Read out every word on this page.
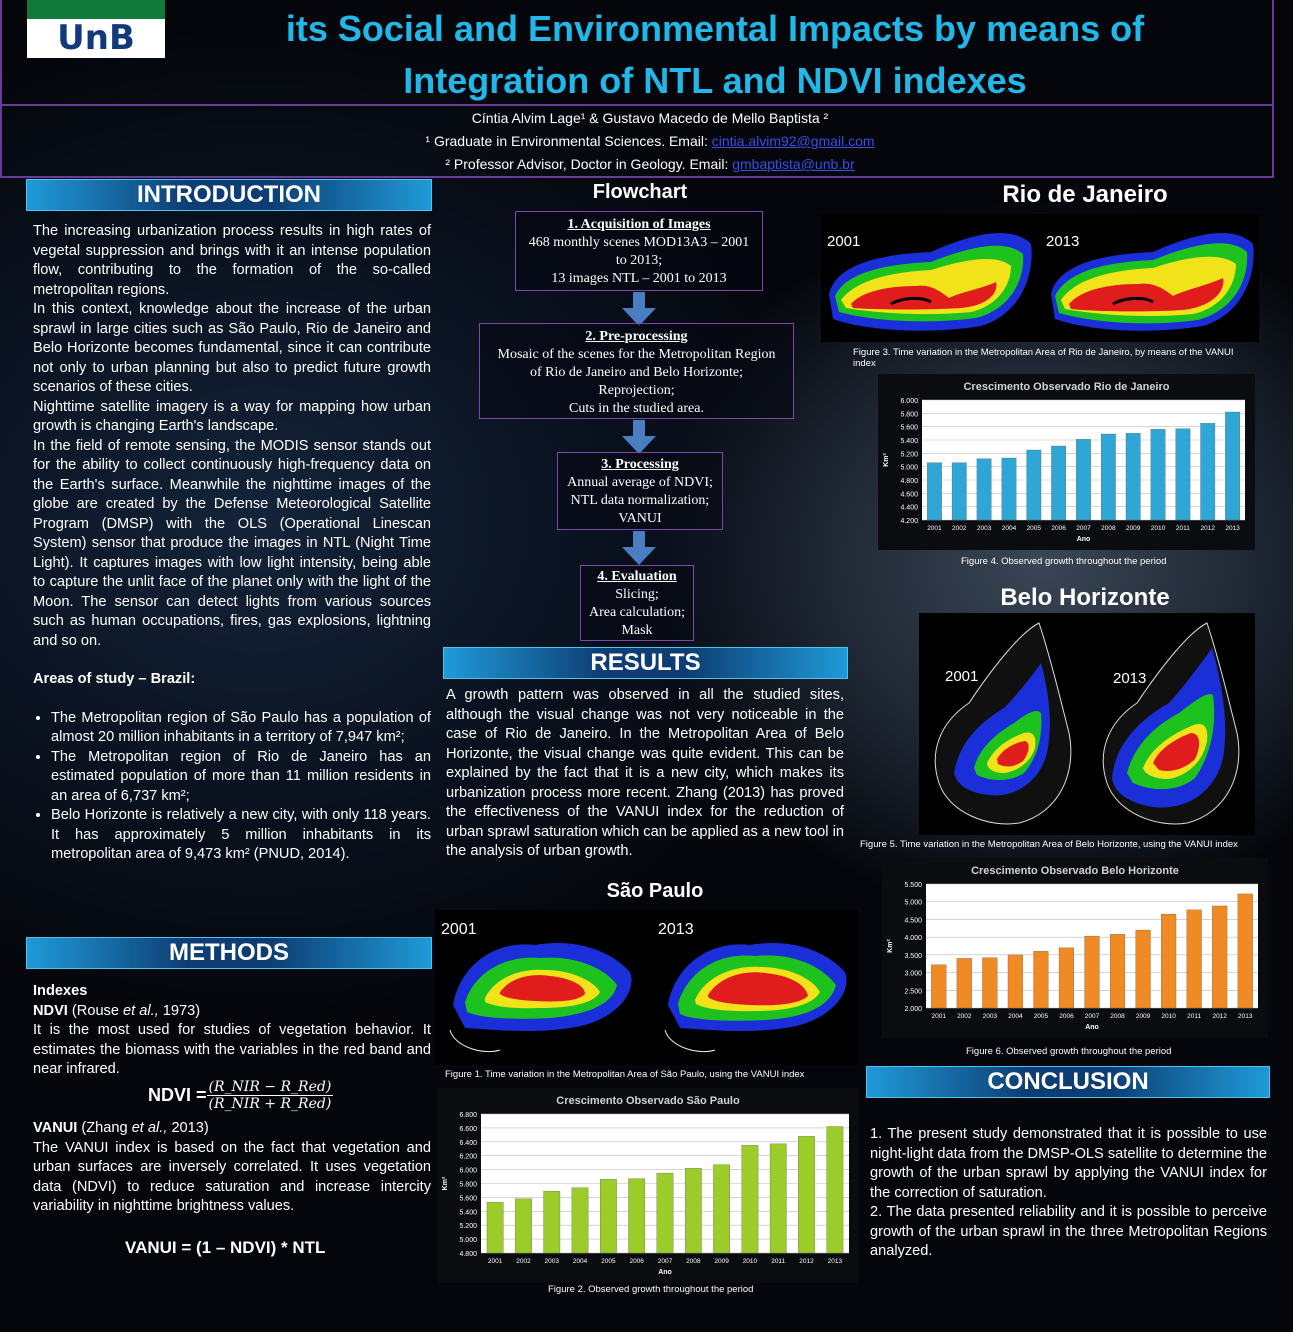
UnB	its Social and Environmental Impacts by means of
Integration of NTL and NDVI indexes
Cíntia Alvim Lage¹ & Gustavo Macedo de Mello Baptista ²
¹ Graduate in Environmental Sciences. Email: cintia.alvim92@gmail.com
² Professor Advisor, Doctor in Geology. Email: gmbaptista@unb.br
INTRODUCTION
The increasing urbanization process results in high rates of vegetal suppression and brings with it an intense population flow, contributing to the formation of the so-called metropolitan regions.
In this context, knowledge about the increase of the urban sprawl in large cities such as São Paulo, Rio de Janeiro and Belo Horizonte becomes fundamental, since it can contribute not only to urban planning but also to predict future growth scenarios of these cities.
Nighttime satellite imagery is a way for mapping how urban growth is changing Earth's landscape.
In the field of remote sensing, the MODIS sensor stands out for the ability to collect continuously high-frequency data on the Earth's surface. Meanwhile the nighttime images of the globe are created by the Defense Meteorological Satellite Program (DMSP) with the OLS (Operational Linescan System) sensor that produce the images in NTL (Night Time Light). It captures images with low light intensity, being able to capture the unlit face of the planet only with the light of the Moon. The sensor can detect lights from various sources such as human occupations, fires, gas explosions, lightning and so on.
Areas of study – Brazil:
• The Metropolitan region of São Paulo has a population of almost 20 million inhabitants in a territory of 7,947 km²;
• The Metropolitan region of Rio de Janeiro has an estimated population of more than 11 million residents in an area of 6,737 km²;
• Belo Horizonte is relatively a new city, with only 118 years. It has approximately 5 million inhabitants in its metropolitan area of 9,473 km² (PNUD, 2014).
METHODS
Indexes
NDVI (Rouse et al., 1973)
It is the most used for studies of vegetation behavior. It estimates the biomass with the variables in the red band and near infrared.
NDVI = (R_NIR − R_Red)
(R_NIR + R_Red)
VANUI (Zhang et al., 2013)
The VANUI index is based on the fact that vegetation and urban surfaces are inversely correlated. It uses vegetation data (NDVI) to reduce saturation and increase intercity variability in nighttime brightness values.
VANUI = (1 – NDVI) * NTL
Flowchart
1. Acquisition of Images
468 monthly scenes MOD13A3 – 2001
to 2013;
13 images NTL – 2001 to 2013
2. Pre-processing
Mosaic of the scenes for the Metropolitan Region
of Rio de Janeiro and Belo Horizonte;
Reprojection;
Cuts in the studied area.
3. Processing
Annual average of NDVI;
NTL data normalization;
VANUI
4. Evaluation
Slicing;
Area calculation;
Mask
RESULTS
A growth pattern was observed in all the studied sites, although the visual change was not very noticeable in the case of Rio de Janeiro. In the Metropolitan Area of Belo Horizonte, the visual change was quite evident. This can be explained by the fact that it is a new city, which makes its urbanization process more recent. Zhang (2013) has proved the effectiveness of the VANUI index for the reduction of urban sprawl saturation which can be applied as a new tool in the analysis of urban growth.
São Paulo
2001	2013
Figure 1. Time variation in the Metropolitan Area of São Paulo, using the VANUI index
Crescimento Observado São Paulo
4.800
5.000
5.200
5.400
5.600
5.800
6.000
6.200
6.400
6.600
6.800
2001 2002 2003 2004 2005 2006 2007 2008 2009 2010 2011 2012 2013
Ano
Km²
Figure 2. Observed growth throughout the period
Rio de Janeiro
2001	2013
Figure 3. Time variation in the Metropolitan Area of Rio de Janeiro, by means of the VANUI index
Crescimento Observado Rio de Janeiro
4.200
4.400
4.600
4.800
5.000
5.200
5.400
5.600
5.800
6.000
2001 2002 2003 2004 2005 2006 2007 2008 2009 2010 2011 2012 2013
Ano
Km²
Figure 4. Observed growth throughout the period
Belo Horizonte
2001	2013
Figure 5. Time variation in the Metropolitan Area of Belo Horizonte, using the VANUI index
Crescimento Observado Belo Horizonte
2.000
2.500
3.000
3.500
4.000
4.500
5.000
5.500
2001 2002 2003 2004 2005 2006 2007 2008 2009 2010 2011 2012 2013
Ano
Km²
Figure 6. Observed growth throughout the period
CONCLUSION
1. The present study demonstrated that it is possible to use night-light data from the DMSP-OLS satellite to determine the growth of the urban sprawl by applying the VANUI index for the correction of saturation.
2. The data presented reliability and it is possible to perceive growth of the urban sprawl in the three Metropolitan Regions analyzed.
